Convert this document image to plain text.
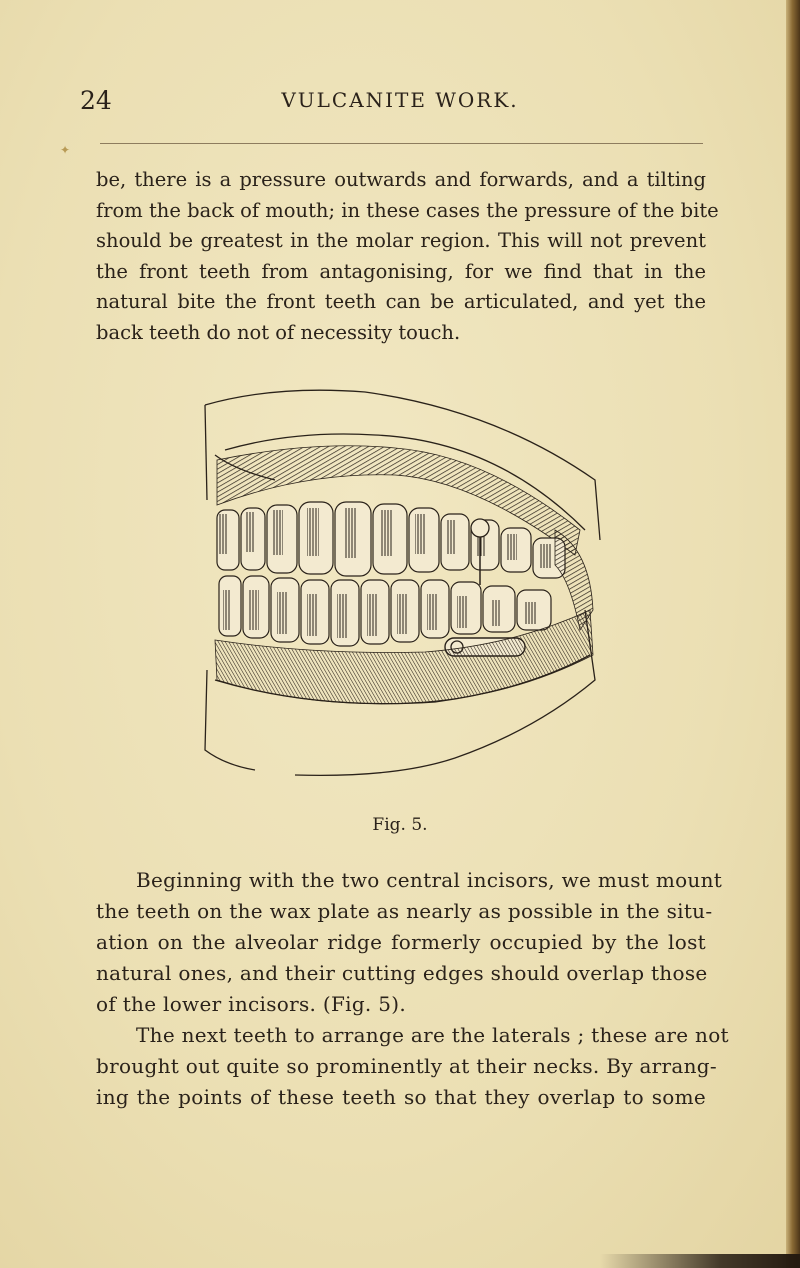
✦
24	VULCANITE WORK.

be, there is a pressure outwards and forwards, and a tilting
from the back of mouth; in these cases the pressure of the bite
should be greatest in the molar region. This will not prevent
the front teeth from antagonising, for we find that in the
natural bite the front teeth can be articulated, and yet the
back teeth do not of necessity touch.

Fig. 5.

Beginning with the two central incisors, we must mount
the teeth on the wax plate as nearly as possible in the situ-
ation on the alveolar ridge formerly occupied by the lost
natural ones, and their cutting edges should overlap those
of the lower incisors. (Fig. 5).
The next teeth to arrange are the laterals ; these are not
brought out quite so prominently at their necks. By arrang-
ing the points of these teeth so that they overlap to some
